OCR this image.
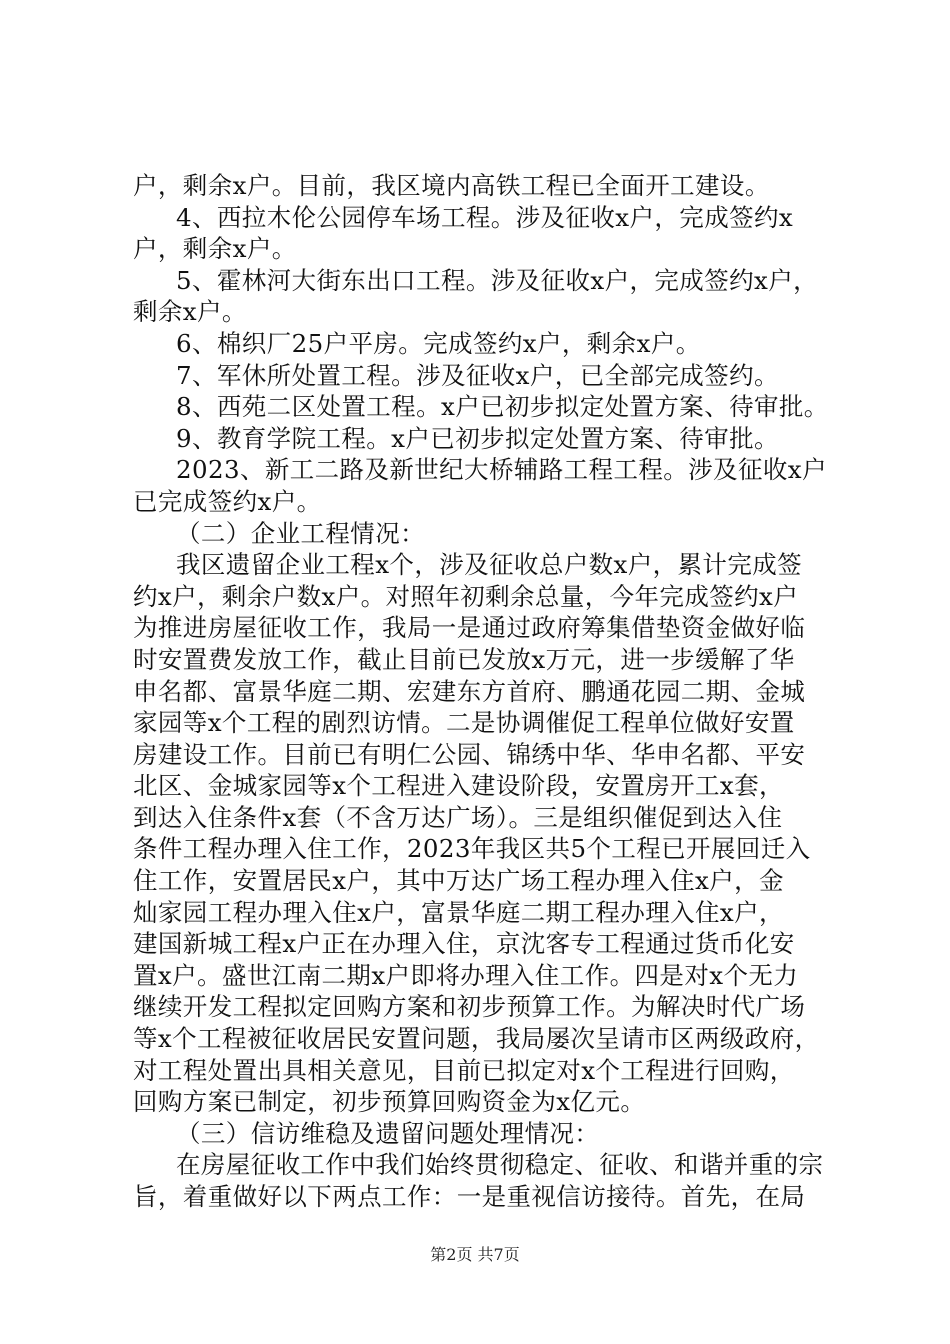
户，剩余x户。目前，我区境内高铁工程已全面开工建设。
4、西拉木伦公园停车场工程。涉及征收x户，完成签约x
户，剩余x户。
5、霍林河大街东出口工程。涉及征收x户，完成签约x户，
剩余x户。
6、棉织厂25户平房。完成签约x户，剩余x户。
7、军休所处置工程。涉及征收x户，已全部完成签约。
8、西苑二区处置工程。x户已初步拟定处置方案、待审批。
9、教育学院工程。x户已初步拟定处置方案、待审批。
2023、新工二路及新世纪大桥辅路工程工程。涉及征收x户
已完成签约x户。
（二）企业工程情况：
我区遗留企业工程x个，涉及征收总户数x户，累计完成签
约x户，剩余户数x户。对照年初剩余总量，今年完成签约x户
为推进房屋征收工作，我局一是通过政府筹集借垫资金做好临
时安置费发放工作，截止目前已发放x万元，进一步缓解了华
申名都、富景华庭二期、宏建东方首府、鹏通花园二期、金城
家园等x个工程的剧烈访情。二是协调催促工程单位做好安置
房建设工作。目前已有明仁公园、锦绣中华、华申名都、平安
北区、金城家园等x个工程进入建设阶段，安置房开工x套，
到达入住条件x套（不含万达广场）。三是组织催促到达入住
条件工程办理入住工作，2023年我区共5个工程已开展回迁入
住工作，安置居民x户，其中万达广场工程办理入住x户，金
灿家园工程办理入住x户，富景华庭二期工程办理入住x户，
建国新城工程x户正在办理入住，京沈客专工程通过货币化安
置x户。盛世江南二期x户即将办理入住工作。四是对x个无力
继续开发工程拟定回购方案和初步预算工作。为解决时代广场
等x个工程被征收居民安置问题，我局屡次呈请市区两级政府，
对工程处置出具相关意见，目前已拟定对x个工程进行回购，
回购方案已制定，初步预算回购资金为x亿元。
（三）信访维稳及遗留问题处理情况：
在房屋征收工作中我们始终贯彻稳定、征收、和谐并重的宗
旨，着重做好以下两点工作：一是重视信访接待。首先，在局
第2页 共7页
